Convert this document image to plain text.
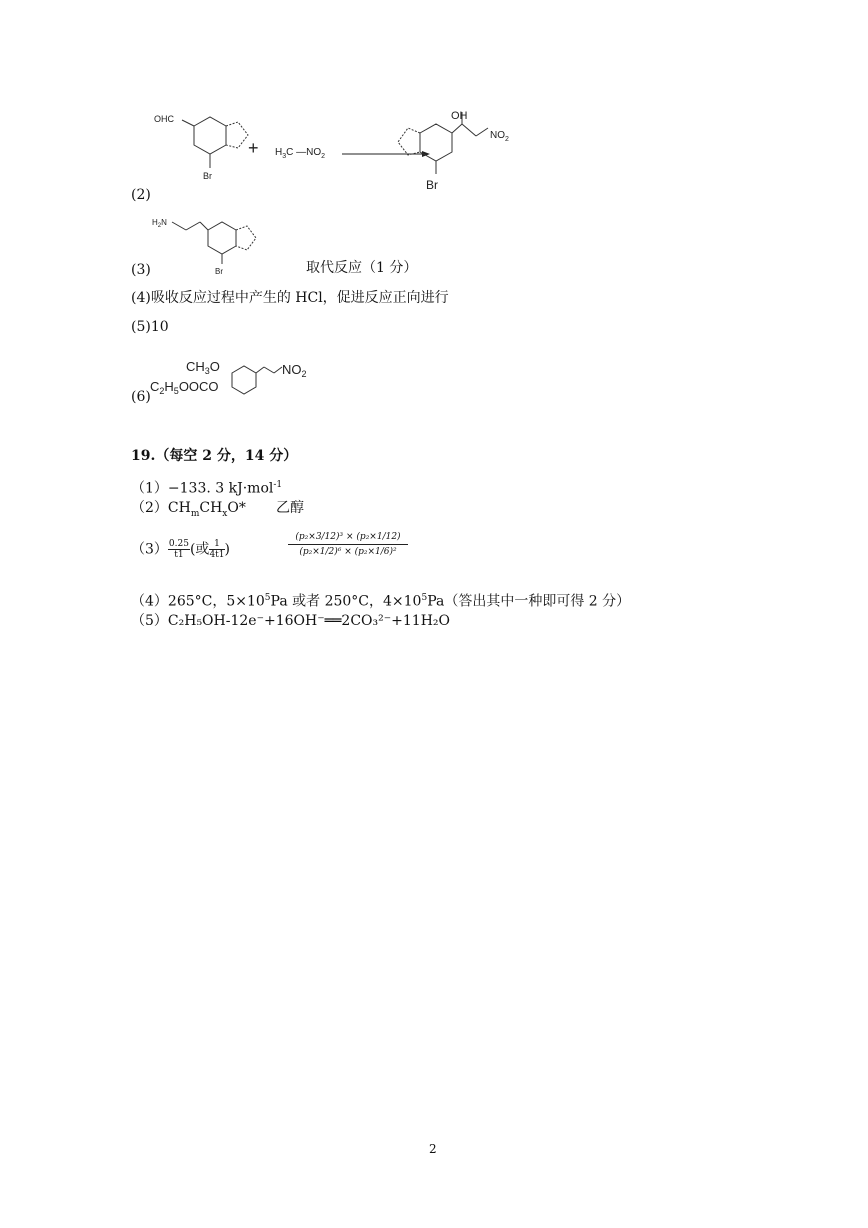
OHC
Br
+ $H_3C$ $—NO_2$
OH
$NO_2$
Br
(2)
$H_2N$
Br
(3)	取代反应（1 分）
(4)吸收反应过程中产生的 HCl，促进反应正向进行
(5)10
(6)
$CH_3O$
$C_2H_5OOCO$
$NO_2$
19.（每空 2 分，14 分）
（1）−133. 3 kJ·mol$^{-1}$
$(2)CH_mCH_xO*$ 乙醇
$(3) \frac{0.25}{t1}$ (或 $\frac{1}{4t1}$ )	$\frac{\text{(p₂×3/12)³ × (p₂×1/12)}}{\text{(p₂×1/2)⁶ × (p₂×1/6)²}}$
（4）265°C，$5\times 10^5Pa$ 或者 250°C，$4\times 10^5Pa$（答出其中一种即可得 2 分）
（5）C₂H₅OH-12e⁻+16OH⁻══2CO₃²⁻+11H₂O
2
